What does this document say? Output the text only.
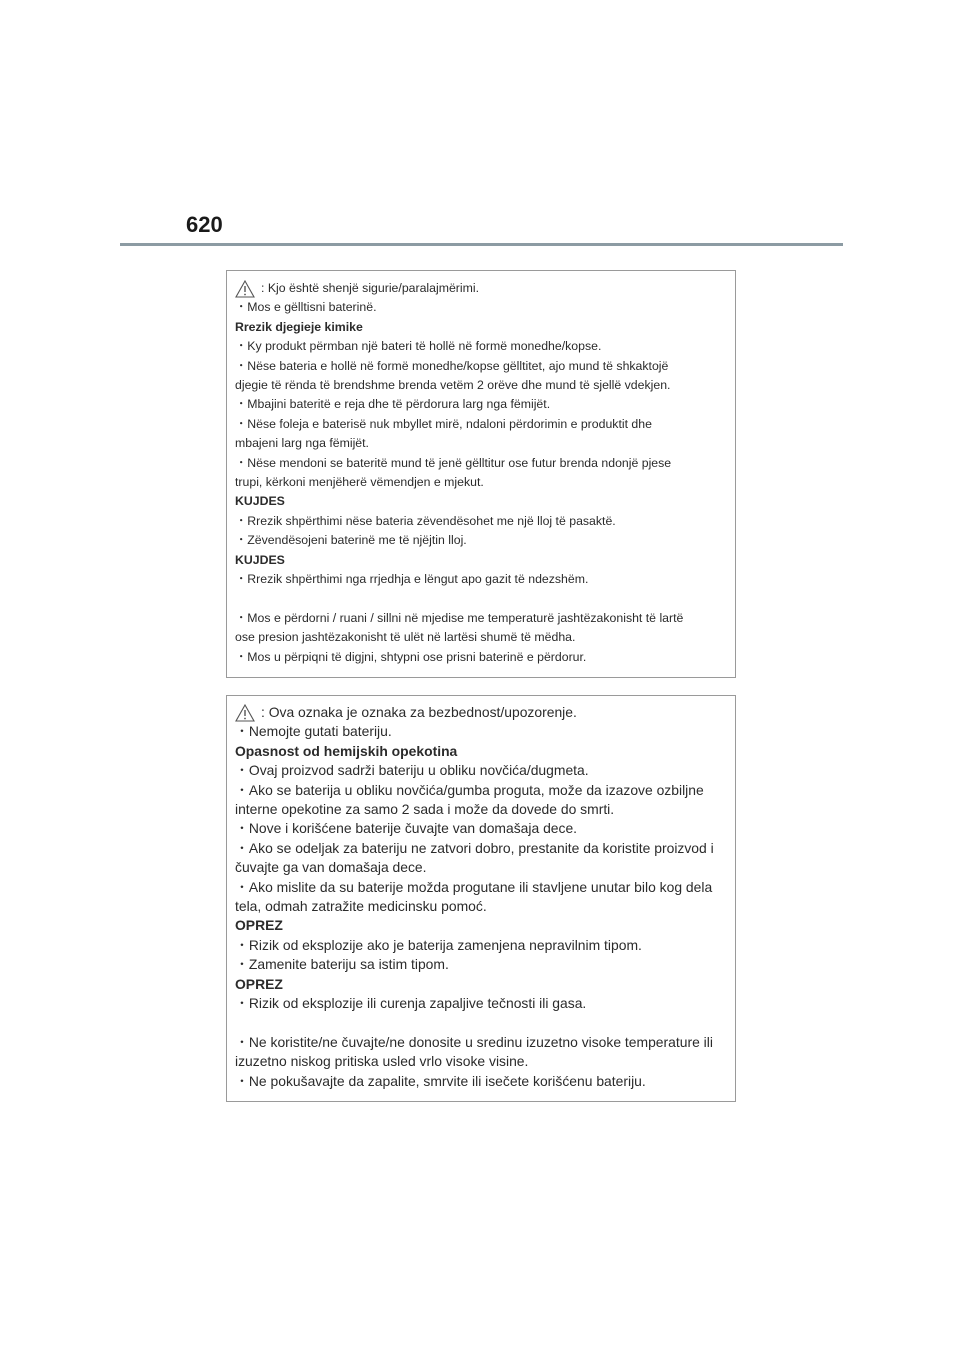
620
: Kjo është shenjë sigurie/paralajmërimi.
・Mos e gëlltisni baterinë.
Rrezik djegieje kimike
・Ky produkt përmban një bateri të hollë në formë monedhe/kopse.
・Nëse bateria e hollë në formë monedhe/kopse gëlltitet, ajo mund të shkaktojë
djegie të rënda të brendshme brenda vetëm 2 orëve dhe mund të sjellë vdekjen.
・Mbajini bateritë e reja dhe të përdorura larg nga fëmijët.
・Nëse foleja e baterisë nuk mbyllet mirë, ndaloni përdorimin e produktit dhe
mbajeni larg nga fëmijët.
・Nëse mendoni se bateritë mund të jenë gëlltitur ose futur brenda ndonjë pjese
trupi, kërkoni menjëherë vëmendjen e mjekut.
KUJDES
・Rrezik shpërthimi nëse bateria zëvendësohet me një lloj të pasaktë.
・Zëvendësojeni baterinë me të njëjtin lloj.
KUJDES
・Rrezik shpërthimi nga rrjedhja e lëngut apo gazit të ndezshëm.
・Mos e përdorni / ruani / sillni në mjedise me temperaturë jashtëzakonisht të lartë
ose presion jashtëzakonisht të ulët në lartësi shumë të mëdha.
・Mos u përpiqni të digjni, shtypni ose prisni baterinë e përdorur.
: Ova oznaka je oznaka za bezbednost/upozorenje.
・Nemojte gutati bateriju.
Opasnost od hemijskih opekotina
・Ovaj proizvod sadrži bateriju u obliku novčića/dugmeta.
・Ako se baterija u obliku novčića/gumba proguta, može da izazove ozbiljne
interne opekotine za samo 2 sada i može da dovede do smrti.
・Nove i korišćene baterije čuvajte van domašaja dece.
・Ako se odeljak za bateriju ne zatvori dobro, prestanite da koristite proizvod i
čuvajte ga van domašaja dece.
・Ako mislite da su baterije možda progutane ili stavljene unutar bilo kog dela
tela, odmah zatražite medicinsku pomoć.
OPREZ
・Rizik od eksplozije ako je baterija zamenjena nepravilnim tipom.
・Zamenite bateriju sa istim tipom.
OPREZ
・Rizik od eksplozije ili curenja zapaljive tečnosti ili gasa.
・Ne koristite/ne čuvajte/ne donosite u sredinu izuzetno visoke temperature ili
izuzetno niskog pritiska usled vrlo visoke visine.
・Ne pokušavajte da zapalite, smrvite ili isečete korišćenu bateriju.
